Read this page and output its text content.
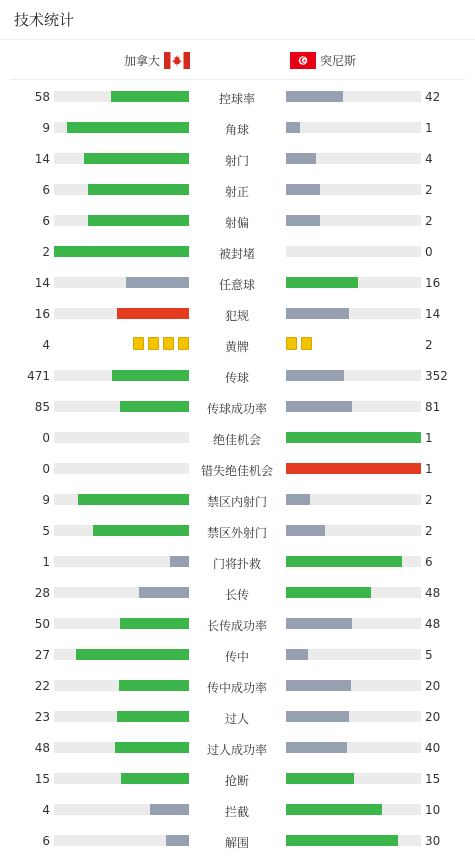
技术统计
加拿大	突尼斯
58	控球率	42
9	角球	1
14	射门	4
6	射正	2
6	射偏	2
2	被封堵	0
14	任意球	16
16	犯规	14
4	黄牌	2
471	传球	352
85	传球成功率	81
0	绝佳机会	1
0	错失绝佳机会	1
9	禁区内射门	2
5	禁区外射门	2
1	门将扑救	6
28	长传	48
50	长传成功率	48
27	传中	5
22	传中成功率	20
23	过人	20
48	过人成功率	40
15	抢断	15
4	拦截	10
6	解围	30
